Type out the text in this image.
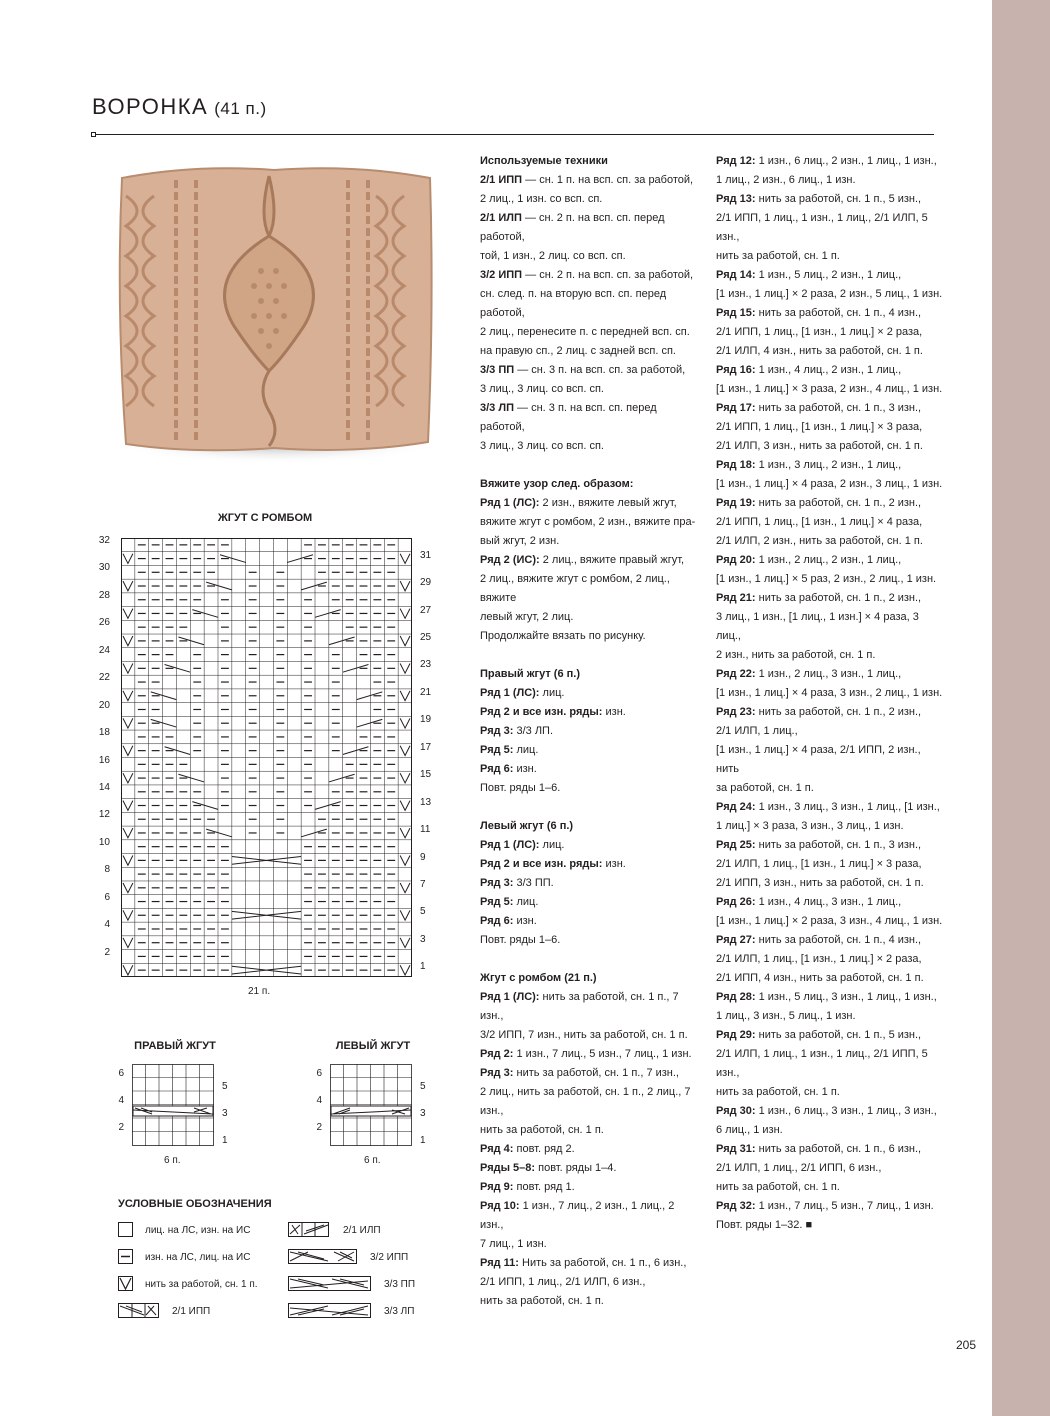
ВОРОНКА (41 п.)
ЖГУТ С РОМБОМ
32
30
28
26
24
22
20
18
16
14
12
10
8
6
4
2
31
29
27
25
23
21
19
17
15
13
11
9
7
5
3
1
21 п.
ПРАВЫЙ ЖГУТ	ЛЕВЫЙ ЖГУТ
6
4
2
5
3
1
6 п.
6
4
2
5
3
1
6 п.
УСЛОВНЫЕ ОБОЗНАЧЕНИЯ
лиц. на ЛС, изн. на ИС
изн. на ЛС, лиц. на ИС
нить за работой, сн. 1 п.
2/1 ИПП
2/1 ИЛП
3/2 ИПП
3/3 ПП
3/3 ЛП

Используемые техники

2/1 ИПП — сн. 1 п. на всп. сп. за работой,

2 лиц., 1 изн. со всп. сп.

2/1 ИЛП — сн. 2 п. на всп. сп. перед работой,

той, 1 изн., 2 лиц. со всп. сп.

3/2 ИПП — сн. 2 п. на всп. сп. за работой,

сн. след. п. на вторую всп. сп. перед работой,

2 лиц., перенесите п. с передней всп. сп.

на правую сп., 2 лиц. с задней всп. сп.

3/3 ПП — сн. 3 п. на всп. сп. за работой,

3 лиц., 3 лиц. со всп. сп.

3/3 ЛП — сн. 3 п. на всп. сп. перед работой,

3 лиц., 3 лиц. со всп. сп.

Вяжите узор след. образом:

Ряд 1 (ЛС): 2 изн., вяжите левый жгут,

вяжите жгут с ромбом, 2 изн., вяжите пра-

вый жгут, 2 изн.

Ряд 2 (ИС): 2 лиц., вяжите правый жгут,

2 лиц., вяжите жгут с ромбом, 2 лиц., вяжите

левый жгут, 2 лиц.

Продолжайте вязать по рисунку.

Правый жгут (6 п.)

Ряд 1 (ЛС): лиц.

Ряд 2 и все изн. ряды: изн.

Ряд 3: 3/3 ЛП.

Ряд 5: лиц.

Ряд 6: изн.

Повт. ряды 1–6.

Левый жгут (6 п.)

Ряд 1 (ЛС): лиц.

Ряд 2 и все изн. ряды: изн.

Ряд 3: 3/3 ПП.

Ряд 5: лиц.

Ряд 6: изн.

Повт. ряды 1–6.

Жгут с ромбом (21 п.)

Ряд 1 (ЛС): нить за работой, сн. 1 п., 7 изн.,

3/2 ИПП, 7 изн., нить за работой, сн. 1 п.

Ряд 2: 1 изн., 7 лиц., 5 изн., 7 лиц., 1 изн.

Ряд 3: нить за работой, сн. 1 п., 7 изн.,

2 лиц., нить за работой, сн. 1 п., 2 лиц., 7 изн.,

нить за работой, сн. 1 п.

Ряд 4: повт. ряд 2.

Ряды 5–8: повт. ряды 1–4.

Ряд 9: повт. ряд 1.

Ряд 10: 1 изн., 7 лиц., 2 изн., 1 лиц., 2 изн.,

7 лиц., 1 изн.

Ряд 11: Нить за работой, сн. 1 п., 6 изн.,

2/1 ИПП, 1 лиц., 2/1 ИЛП, 6 изн.,

нить за работой, сн. 1 п.

Ряд 12: 1 изн., 6 лиц., 2 изн., 1 лиц., 1 изн.,

1 лиц., 2 изн., 6 лиц., 1 изн.

Ряд 13: нить за работой, сн. 1 п., 5 изн.,

2/1 ИПП, 1 лиц., 1 изн., 1 лиц., 2/1 ИЛП, 5 изн.,

нить за работой, сн. 1 п.

Ряд 14: 1 изн., 5 лиц., 2 изн., 1 лиц.,

[1 изн., 1 лиц.] × 2 раза, 2 изн., 5 лиц., 1 изн.

Ряд 15: нить за работой, сн. 1 п., 4 изн.,

2/1 ИПП, 1 лиц., [1 изн., 1 лиц.] × 2 раза,

2/1 ИЛП, 4 изн., нить за работой, сн. 1 п.

Ряд 16: 1 изн., 4 лиц., 2 изн., 1 лиц.,

[1 изн., 1 лиц.] × 3 раза, 2 изн., 4 лиц., 1 изн.

Ряд 17: нить за работой, сн. 1 п., 3 изн.,

2/1 ИПП, 1 лиц., [1 изн., 1 лиц.] × 3 раза,

2/1 ИЛП, 3 изн., нить за работой, сн. 1 п.

Ряд 18: 1 изн., 3 лиц., 2 изн., 1 лиц.,

[1 изн., 1 лиц.] × 4 раза, 2 изн., 3 лиц., 1 изн.

Ряд 19: нить за работой, сн. 1 п., 2 изн.,

2/1 ИПП, 1 лиц., [1 изн., 1 лиц.] × 4 раза,

2/1 ИЛП, 2 изн., нить за работой, сн. 1 п.

Ряд 20: 1 изн., 2 лиц., 2 изн., 1 лиц.,

[1 изн., 1 лиц.] × 5 раз, 2 изн., 2 лиц., 1 изн.

Ряд 21: нить за работой, сн. 1 п., 2 изн.,

3 лиц., 1 изн., [1 лиц., 1 изн.] × 4 раза, 3 лиц.,

2 изн., нить за работой, сн. 1 п.

Ряд 22: 1 изн., 2 лиц., 3 изн., 1 лиц.,

[1 изн., 1 лиц.] × 4 раза, 3 изн., 2 лиц., 1 изн.

Ряд 23: нить за работой, сн. 1 п., 2 изн.,

2/1 ИЛП, 1 лиц.,

[1 изн., 1 лиц.] × 4 раза, 2/1 ИПП, 2 изн., нить

за работой, сн. 1 п.

Ряд 24: 1 изн., 3 лиц., 3 изн., 1 лиц., [1 изн.,

1 лиц.] × 3 раза, 3 изн., 3 лиц., 1 изн.

Ряд 25: нить за работой, сн. 1 п., 3 изн.,

2/1 ИЛП, 1 лиц., [1 изн., 1 лиц.] × 3 раза,

2/1 ИПП, 3 изн., нить за работой, сн. 1 п.

Ряд 26: 1 изн., 4 лиц., 3 изн., 1 лиц.,

[1 изн., 1 лиц.] × 2 раза, 3 изн., 4 лиц., 1 изн.

Ряд 27: нить за работой, сн. 1 п., 4 изн.,

2/1 ИЛП, 1 лиц., [1 изн., 1 лиц.] × 2 раза,

2/1 ИПП, 4 изн., нить за работой, сн. 1 п.

Ряд 28: 1 изн., 5 лиц., 3 изн., 1 лиц., 1 изн.,

1 лиц., 3 изн., 5 лиц., 1 изн.

Ряд 29: нить за работой, сн. 1 п., 5 изн.,

2/1 ИЛП, 1 лиц., 1 изн., 1 лиц., 2/1 ИПП, 5 изн.,

нить за работой, сн. 1 п.

Ряд 30: 1 изн., 6 лиц., 3 изн., 1 лиц., 3 изн.,

6 лиц., 1 изн.

Ряд 31: нить за работой, сн. 1 п., 6 изн.,

2/1 ИЛП, 1 лиц., 2/1 ИПП, 6 изн.,

нить за работой, сн. 1 п.

Ряд 32: 1 изн., 7 лиц., 5 изн., 7 лиц., 1 изн.

Повт. ряды 1–32. ■

205
